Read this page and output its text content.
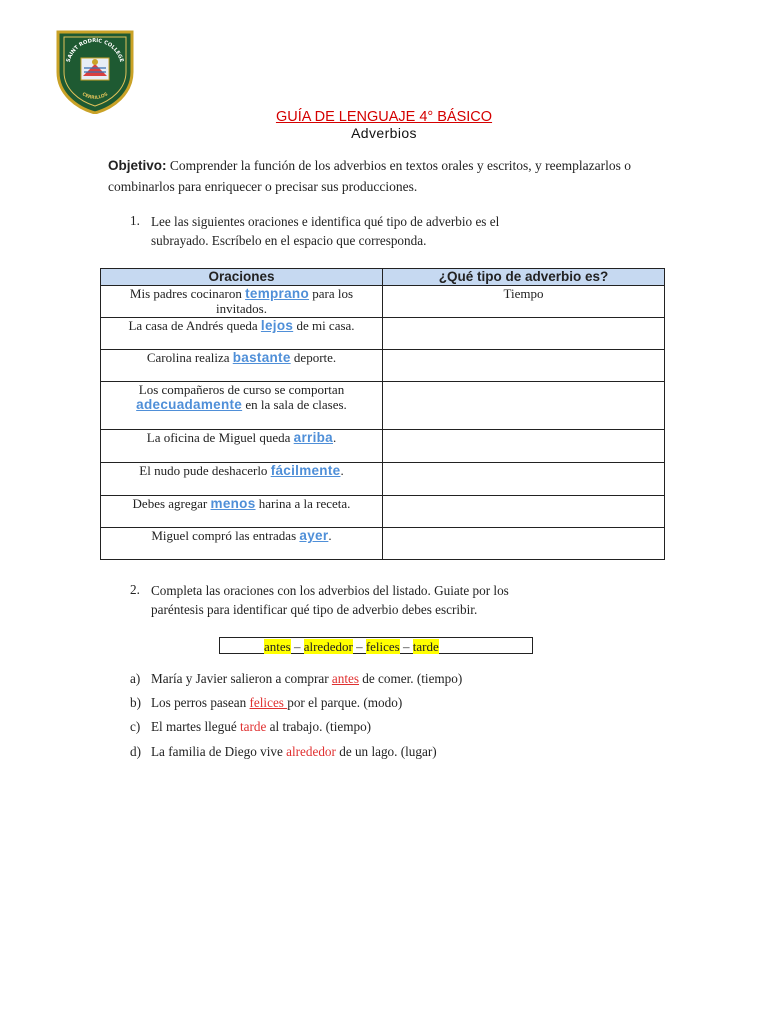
SAINT RODRIC COLLEGE
CERRILLOS
GUÍA DE LENGUAJE 4° BÁSICO
Adverbios
Objetivo: Comprender la función de los adverbios en textos orales y escritos, y reemplazarlos o combinarlos para enriquecer o precisar sus producciones.
1. Lee las siguientes oraciones e identifica qué tipo de adverbio es el
subrayado. Escríbelo en el espacio que corresponda.
Oraciones	¿Qué tipo de adverbio es?
Mis padres cocinaron temprano para los invitados.	Tiempo
La casa de Andrés queda lejos de mi casa.	
Carolina realiza bastante deporte.	
Los compañeros de curso se comportan adecuadamente en la sala de clases.	
La oficina de Miguel queda arriba.	
El nudo pude deshacerlo fácilmente.	
Debes agregar menos harina a la receta.	
Miguel compró las entradas ayer.	
2. Completa las oraciones con los adverbios del listado. Guiate por los
paréntesis para identificar qué tipo de adverbio debes escribir.
antes – alrededor – felices – tarde
a) María y Javier salieron a comprar antes de comer. (tiempo)
b) Los perros pasean felices por el parque. (modo)
c) El martes llegué tarde al trabajo. (tiempo)
d) La familia de Diego vive alrededor de un lago. (lugar)
